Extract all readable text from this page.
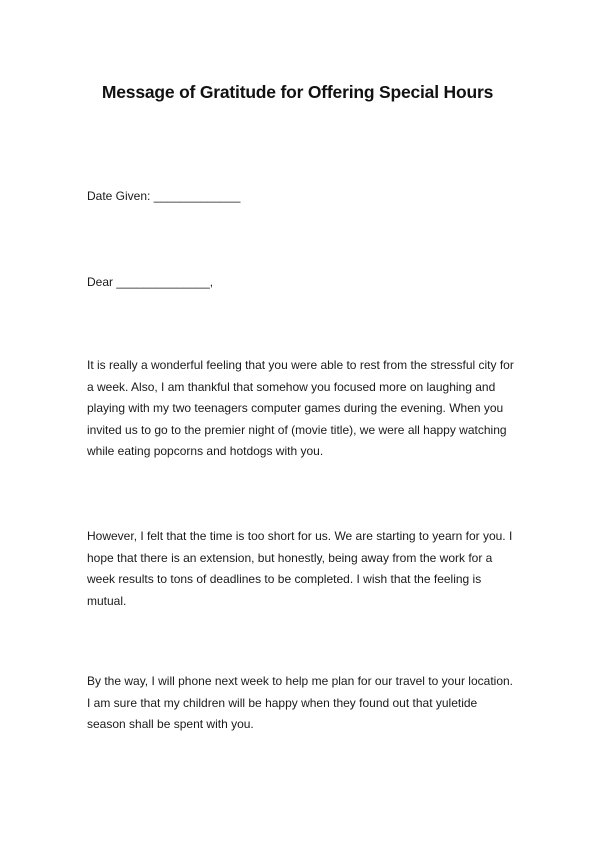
Message of Gratitude for Offering Special Hours
Date Given: _____________
Dear ______________,

It is really a wonderful feeling that you were able to rest from the stressful city for
a week. Also, I am thankful that somehow you focused more on laughing and
playing with my two teenagers computer games during the evening. When you
invited us to go to the premier night of (movie title), we were all happy watching
while eating popcorns and hotdogs with you.

However, I felt that the time is too short for us. We are starting to yearn for you. I
hope that there is an extension, but honestly, being away from the work for a
week results to tons of deadlines to be completed. I wish that the feeling is
mutual.

By the way, I will phone next week to help me plan for our travel to your location.
I am sure that my children will be happy when they found out that yuletide
season shall be spent with you.
